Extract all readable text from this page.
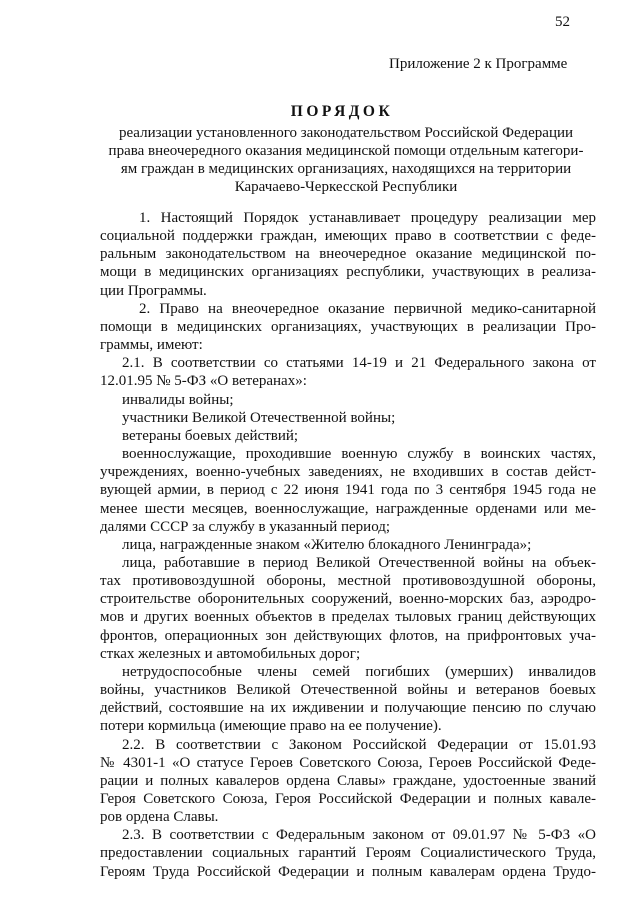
52
Приложение 2 к Программе
ПОРЯДОК
реализации установленного законодательством Российской Федерации
права внеочередного оказания медицинской помощи отдельным категори-
ям граждан в медицинских организациях, находящихся на территории
Карачаево-Черкесской Республики
1. Настоящий Порядок устанавливает процедуру реализации мер
социальной поддержки граждан, имеющих право в соответствии с феде-
ральным законодательством на внеочередное оказание медицинской по-
мощи в медицинских организациях республики, участвующих в реализа-
ции Программы.
2. Право на внеочередное оказание первичной медико-санитарной
помощи в медицинских организациях, участвующих в реализации Про-
граммы, имеют:
2.1. В соответствии со статьями 14-19 и 21 Федерального закона от
12.01.95 № 5-ФЗ «О ветеранах»:
инвалиды войны;
участники Великой Отечественной войны;
ветераны боевых действий;
военнослужащие, проходившие военную службу в воинских частях,
учреждениях, военно-учебных заведениях, не входивших в состав дейст-
вующей армии, в период с 22 июня 1941 года по 3 сентября 1945 года не
менее шести месяцев, военнослужащие, награжденные орденами или ме-
далями СССР за службу в указанный период;
лица, награжденные знаком «Жителю блокадного Ленинграда»;
лица, работавшие в период Великой Отечественной войны на объек-
тах противовоздушной обороны, местной противовоздушной обороны,
строительстве оборонительных сооружений, военно-морских баз, аэродро-
мов и других военных объектов в пределах тыловых границ действующих
фронтов, операционных зон действующих флотов, на прифронтовых уча-
стках железных и автомобильных дорог;
нетрудоспособные члены семей погибших (умерших) инвалидов
войны, участников Великой Отечественной войны и ветеранов боевых
действий, состоявшие на их иждивении и получающие пенсию по случаю
потери кормильца (имеющие право на ее получение).
2.2. В соответствии с Законом Российской Федерации от 15.01.93
№ 4301-1 «О статусе Героев Советского Союза, Героев Российской Феде-
рации и полных кавалеров ордена Славы» граждане, удостоенные званий
Героя Советского Союза, Героя Российской Федерации и полных кавале-
ров ордена Славы.
2.3. В соответствии с Федеральным законом от 09.01.97 № 5-ФЗ «О
предоставлении социальных гарантий Героям Социалистического Труда,
Героям Труда Российской Федерации и полным кавалерам ордена Трудо-
